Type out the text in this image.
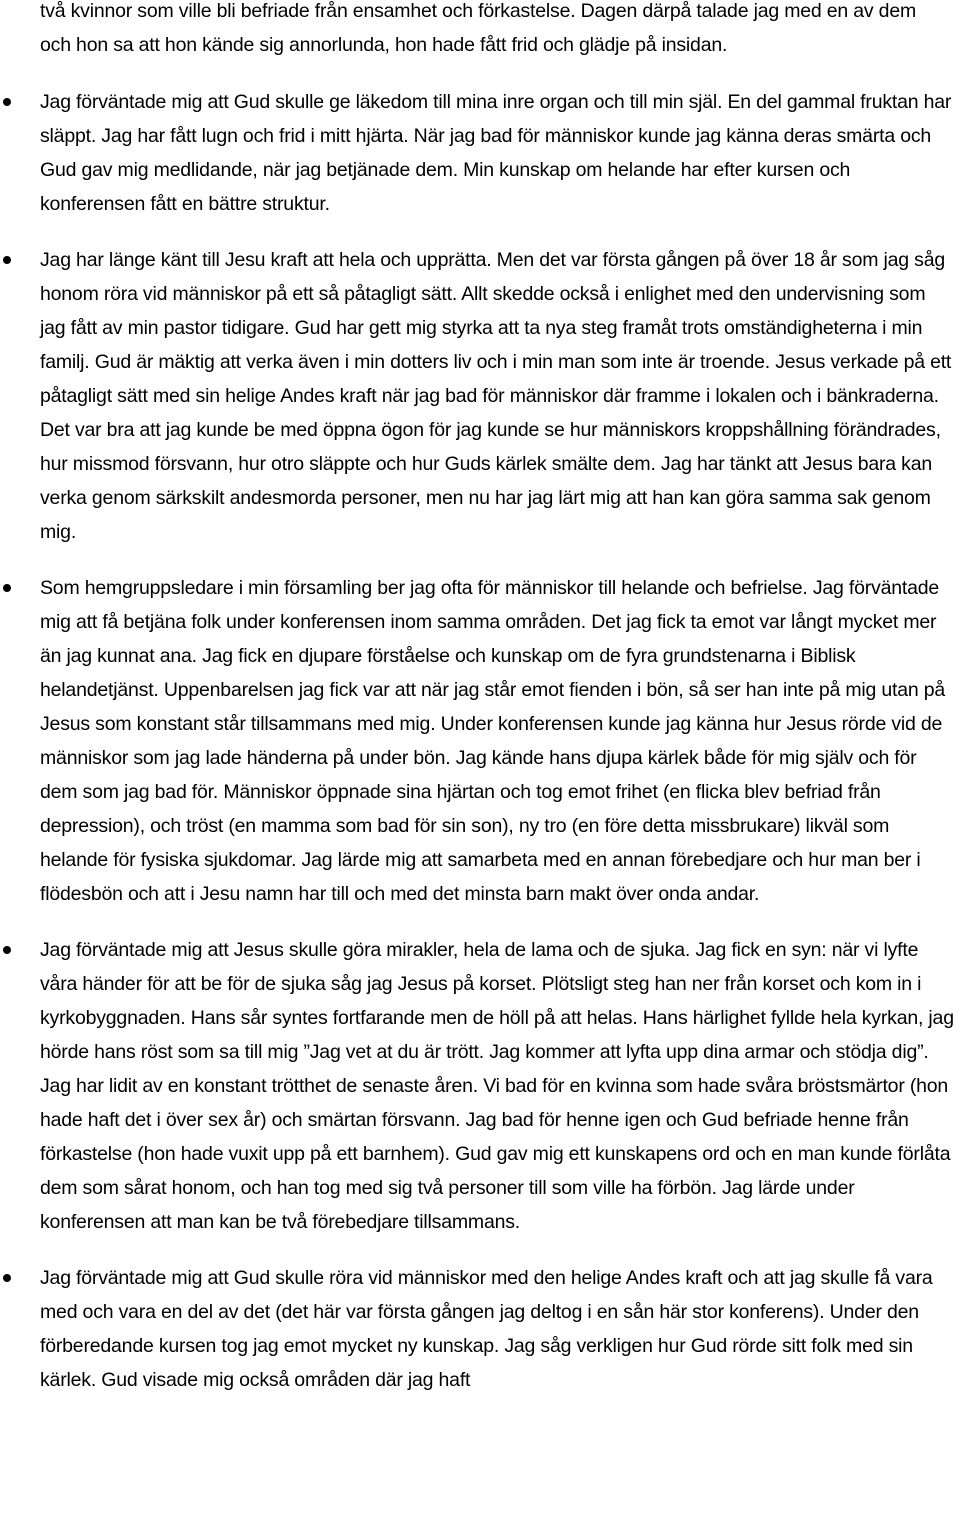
två kvinnor som ville bli befriade från ensamhet och förkastelse. Dagen därpå talade jag med en av dem och hon sa att hon kände sig annorlunda, hon hade fått frid och glädje på insidan.

Jag förväntade mig att Gud skulle ge läkedom till mina inre organ och till min själ. En del gammal fruktan har släppt. Jag har fått lugn och frid i mitt hjärta. När jag bad för människor kunde jag känna deras smärta och Gud gav mig medlidande, när jag betjänade dem. Min kunskap om helande har efter kursen och konferensen fått en bättre struktur.

Jag har länge känt till Jesu kraft att hela och upprätta. Men det var första gången på över 18 år som jag såg honom röra vid människor på ett så påtagligt sätt. Allt skedde också i enlighet med den undervisning som jag fått av min pastor tidigare. Gud har gett mig styrka att ta nya steg framåt trots omständigheterna i min familj. Gud är mäktig att verka även i min dotters liv och i min man som inte är troende. Jesus verkade på ett påtagligt sätt med sin helige Andes kraft när jag bad för människor där framme i lokalen och i bänkraderna. Det var bra att jag kunde be med öppna ögon för jag kunde se hur människors kroppshållning förändrades, hur missmod försvann, hur otro släppte och hur Guds kärlek smälte dem. Jag har tänkt att Jesus bara kan verka genom särkskilt andesmorda personer, men nu har jag lärt mig att han kan göra samma sak genom mig.

Som hemgruppsledare i min församling ber jag ofta för människor till helande och befrielse. Jag förväntade mig att få betjäna folk under konferensen inom samma områden. Det jag fick ta emot var långt mycket mer än jag kunnat ana. Jag fick en djupare förståelse och kunskap om de fyra grundstenarna i Biblisk helandetjänst. Uppenbarelsen jag fick var att när jag står emot fienden i bön, så ser han inte på mig utan på Jesus som konstant står tillsammans med mig. Under konferensen kunde jag känna hur Jesus rörde vid de människor som jag lade händerna på under bön. Jag kände hans djupa kärlek både för mig själv och för dem som jag bad för. Människor öppnade sina hjärtan och tog emot frihet (en flicka blev befriad från depression), och tröst (en mamma som bad för sin son), ny tro (en före detta missbrukare) likväl som helande för fysiska sjukdomar. Jag lärde mig att samarbeta med en annan förebedjare och hur man ber i flödesbön och att i Jesu namn har till och med det minsta barn makt över onda andar.

Jag förväntade mig att Jesus skulle göra mirakler, hela de lama och de sjuka. Jag fick en syn: när vi lyfte våra händer för att be för de sjuka såg jag Jesus på korset. Plötsligt steg han ner från korset och kom in i kyrkobyggnaden. Hans sår syntes fortfarande men de höll på att helas. Hans härlighet fyllde hela kyrkan, jag hörde hans röst som sa till mig ”Jag vet at du är trött. Jag kommer att lyfta upp dina armar och stödja dig”. Jag har lidit av en konstant trötthet de senaste åren. Vi bad för en kvinna som hade svåra bröstsmärtor (hon hade haft det i över sex år) och smärtan försvann. Jag bad för henne igen och Gud befriade henne från förkastelse (hon hade vuxit upp på ett barnhem). Gud gav mig ett kunskapens ord och en man kunde förlåta dem som sårat honom, och han tog med sig två personer till som ville ha förbön. Jag lärde under konferensen att man kan be två förebedjare tillsammans.

Jag förväntade mig att Gud skulle röra vid människor med den helige Andes kraft och att jag skulle få vara med och vara en del av det (det här var första gången jag deltog i en sån här stor konferens). Under den förberedande kursen tog jag emot mycket ny kunskap. Jag såg verkligen hur Gud rörde sitt folk med sin kärlek. Gud visade mig också områden där jag haft
